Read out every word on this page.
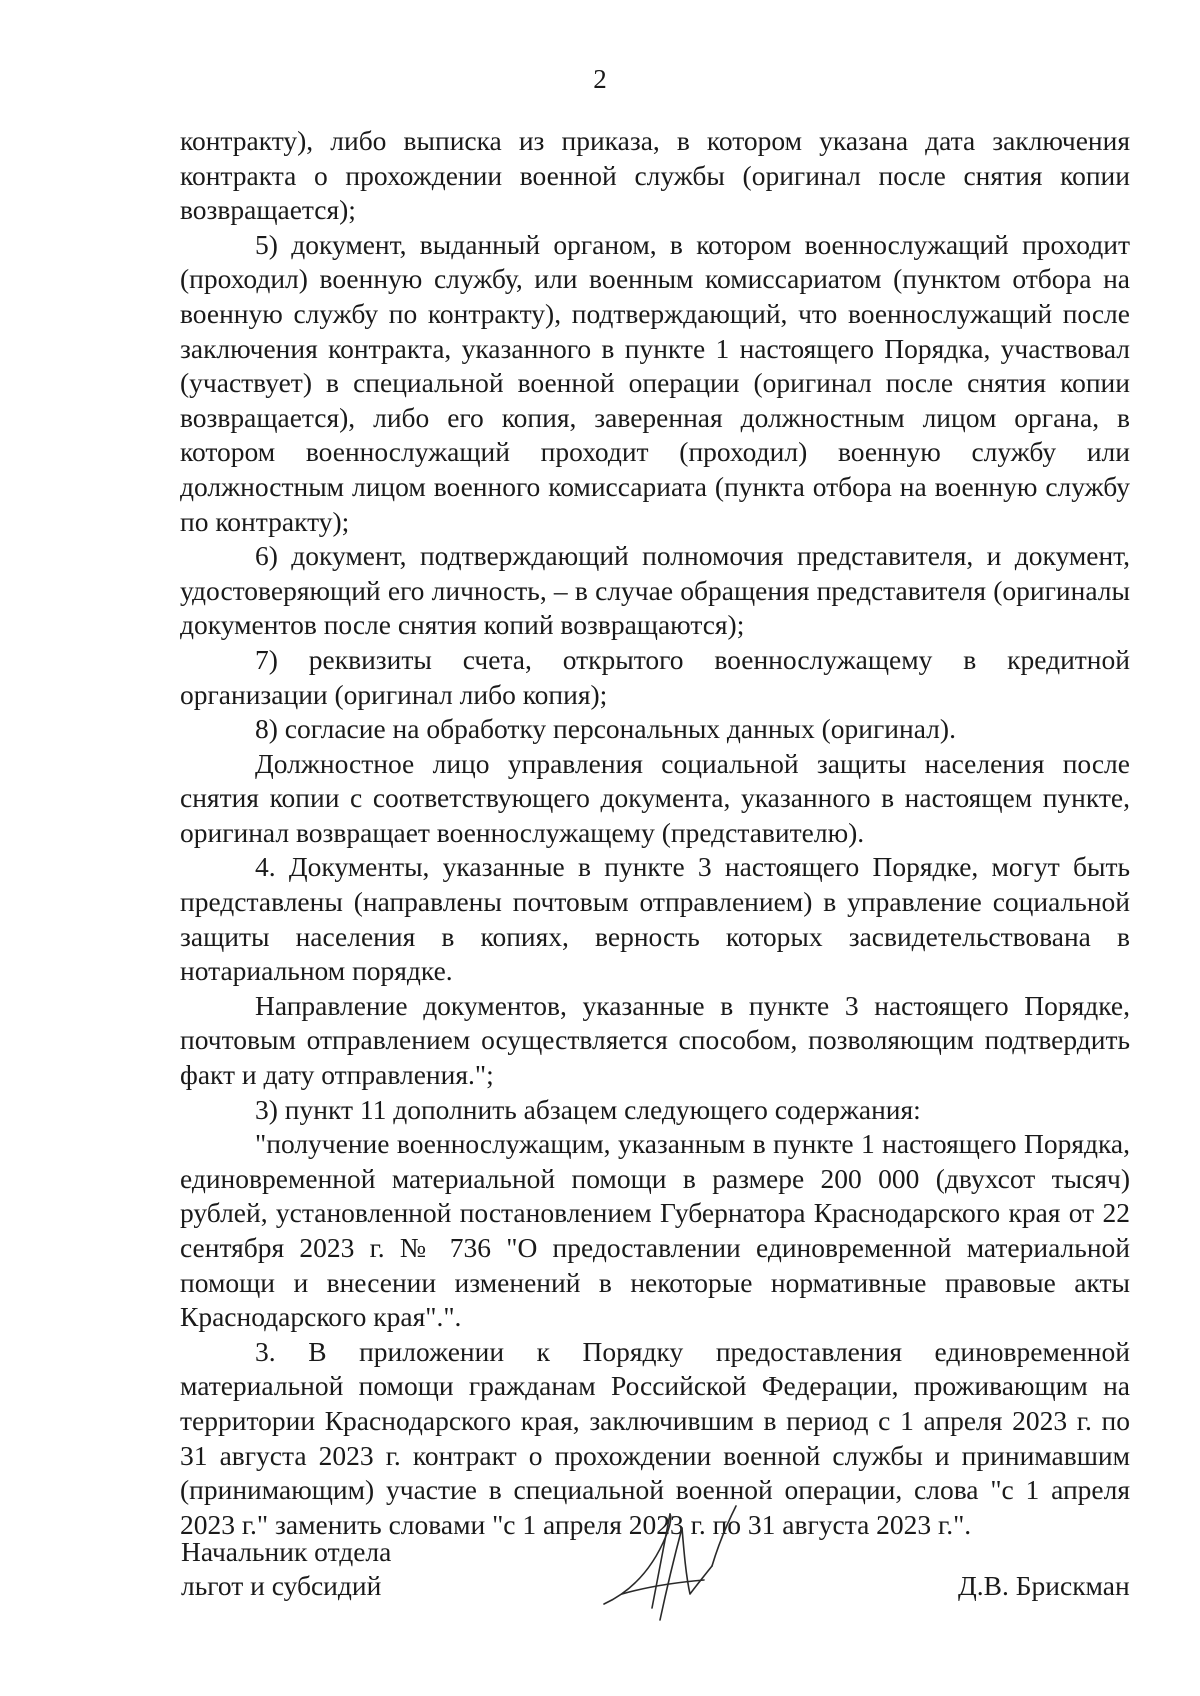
2

контракту), либо выписка из приказа, в котором указана дата заключения контракта о прохождении военной службы (оригинал после снятия копии возвращается);

5) документ, выданный органом, в котором военнослужащий проходит (проходил) военную службу, или военным комиссариатом (пунктом отбора на военную службу по контракту), подтверждающий, что военнослужащий после заключения контракта, указанного в пункте 1 настоящего Порядка, участвовал (участвует) в специальной военной операции (оригинал после снятия копии возвращается), либо его копия, заверенная должностным лицом органа, в котором военнослужащий проходит (проходил) военную службу или должностным лицом военного комиссариата (пункта отбора на военную службу по контракту);

6) документ, подтверждающий полномочия представителя, и документ, удостоверяющий его личность, – в случае обращения представителя (оригиналы документов после снятия копий возвращаются);

7) реквизиты счета, открытого военнослужащему в кредитной организации (оригинал либо копия);

8) согласие на обработку персональных данных (оригинал).

Должностное лицо управления социальной защиты населения после снятия копии с соответствующего документа, указанного в настоящем пункте, оригинал возвращает военнослужащему (представителю).

4. Документы, указанные в пункте 3 настоящего Порядке, могут быть представлены (направлены почтовым отправлением) в управление социальной защиты населения в копиях, верность которых засвидетельствована в нотариальном порядке.

Направление документов, указанные в пункте 3 настоящего Порядке, почтовым отправлением осуществляется способом, позволяющим подтвердить факт и дату отправления.";

3) пункт 11 дополнить абзацем следующего содержания:

"получение военнослужащим, указанным в пункте 1 настоящего Порядка, единовременной материальной помощи в размере 200 000 (двухсот тысяч) рублей, установленной постановлением Губернатора Краснодарского края от 22 сентября 2023 г. № 736 "О предоставлении единовременной материальной помощи и внесении изменений в некоторые нормативные правовые акты Краснодарского края".".

3. В приложении к Порядку предоставления единовременной материальной помощи гражданам Российской Федерации, проживающим на территории Краснодарского края, заключившим в период с 1 апреля 2023 г. по 31 августа 2023 г. контракт о прохождении военной службы и принимавшим (принимающим) участие в специальной военной операции, слова "с 1 апреля 2023 г." заменить словами "с 1 апреля 2023 г. по 31 августа 2023 г.".

Начальник отдела
льгот и субсидий	Д.В. Брискман
